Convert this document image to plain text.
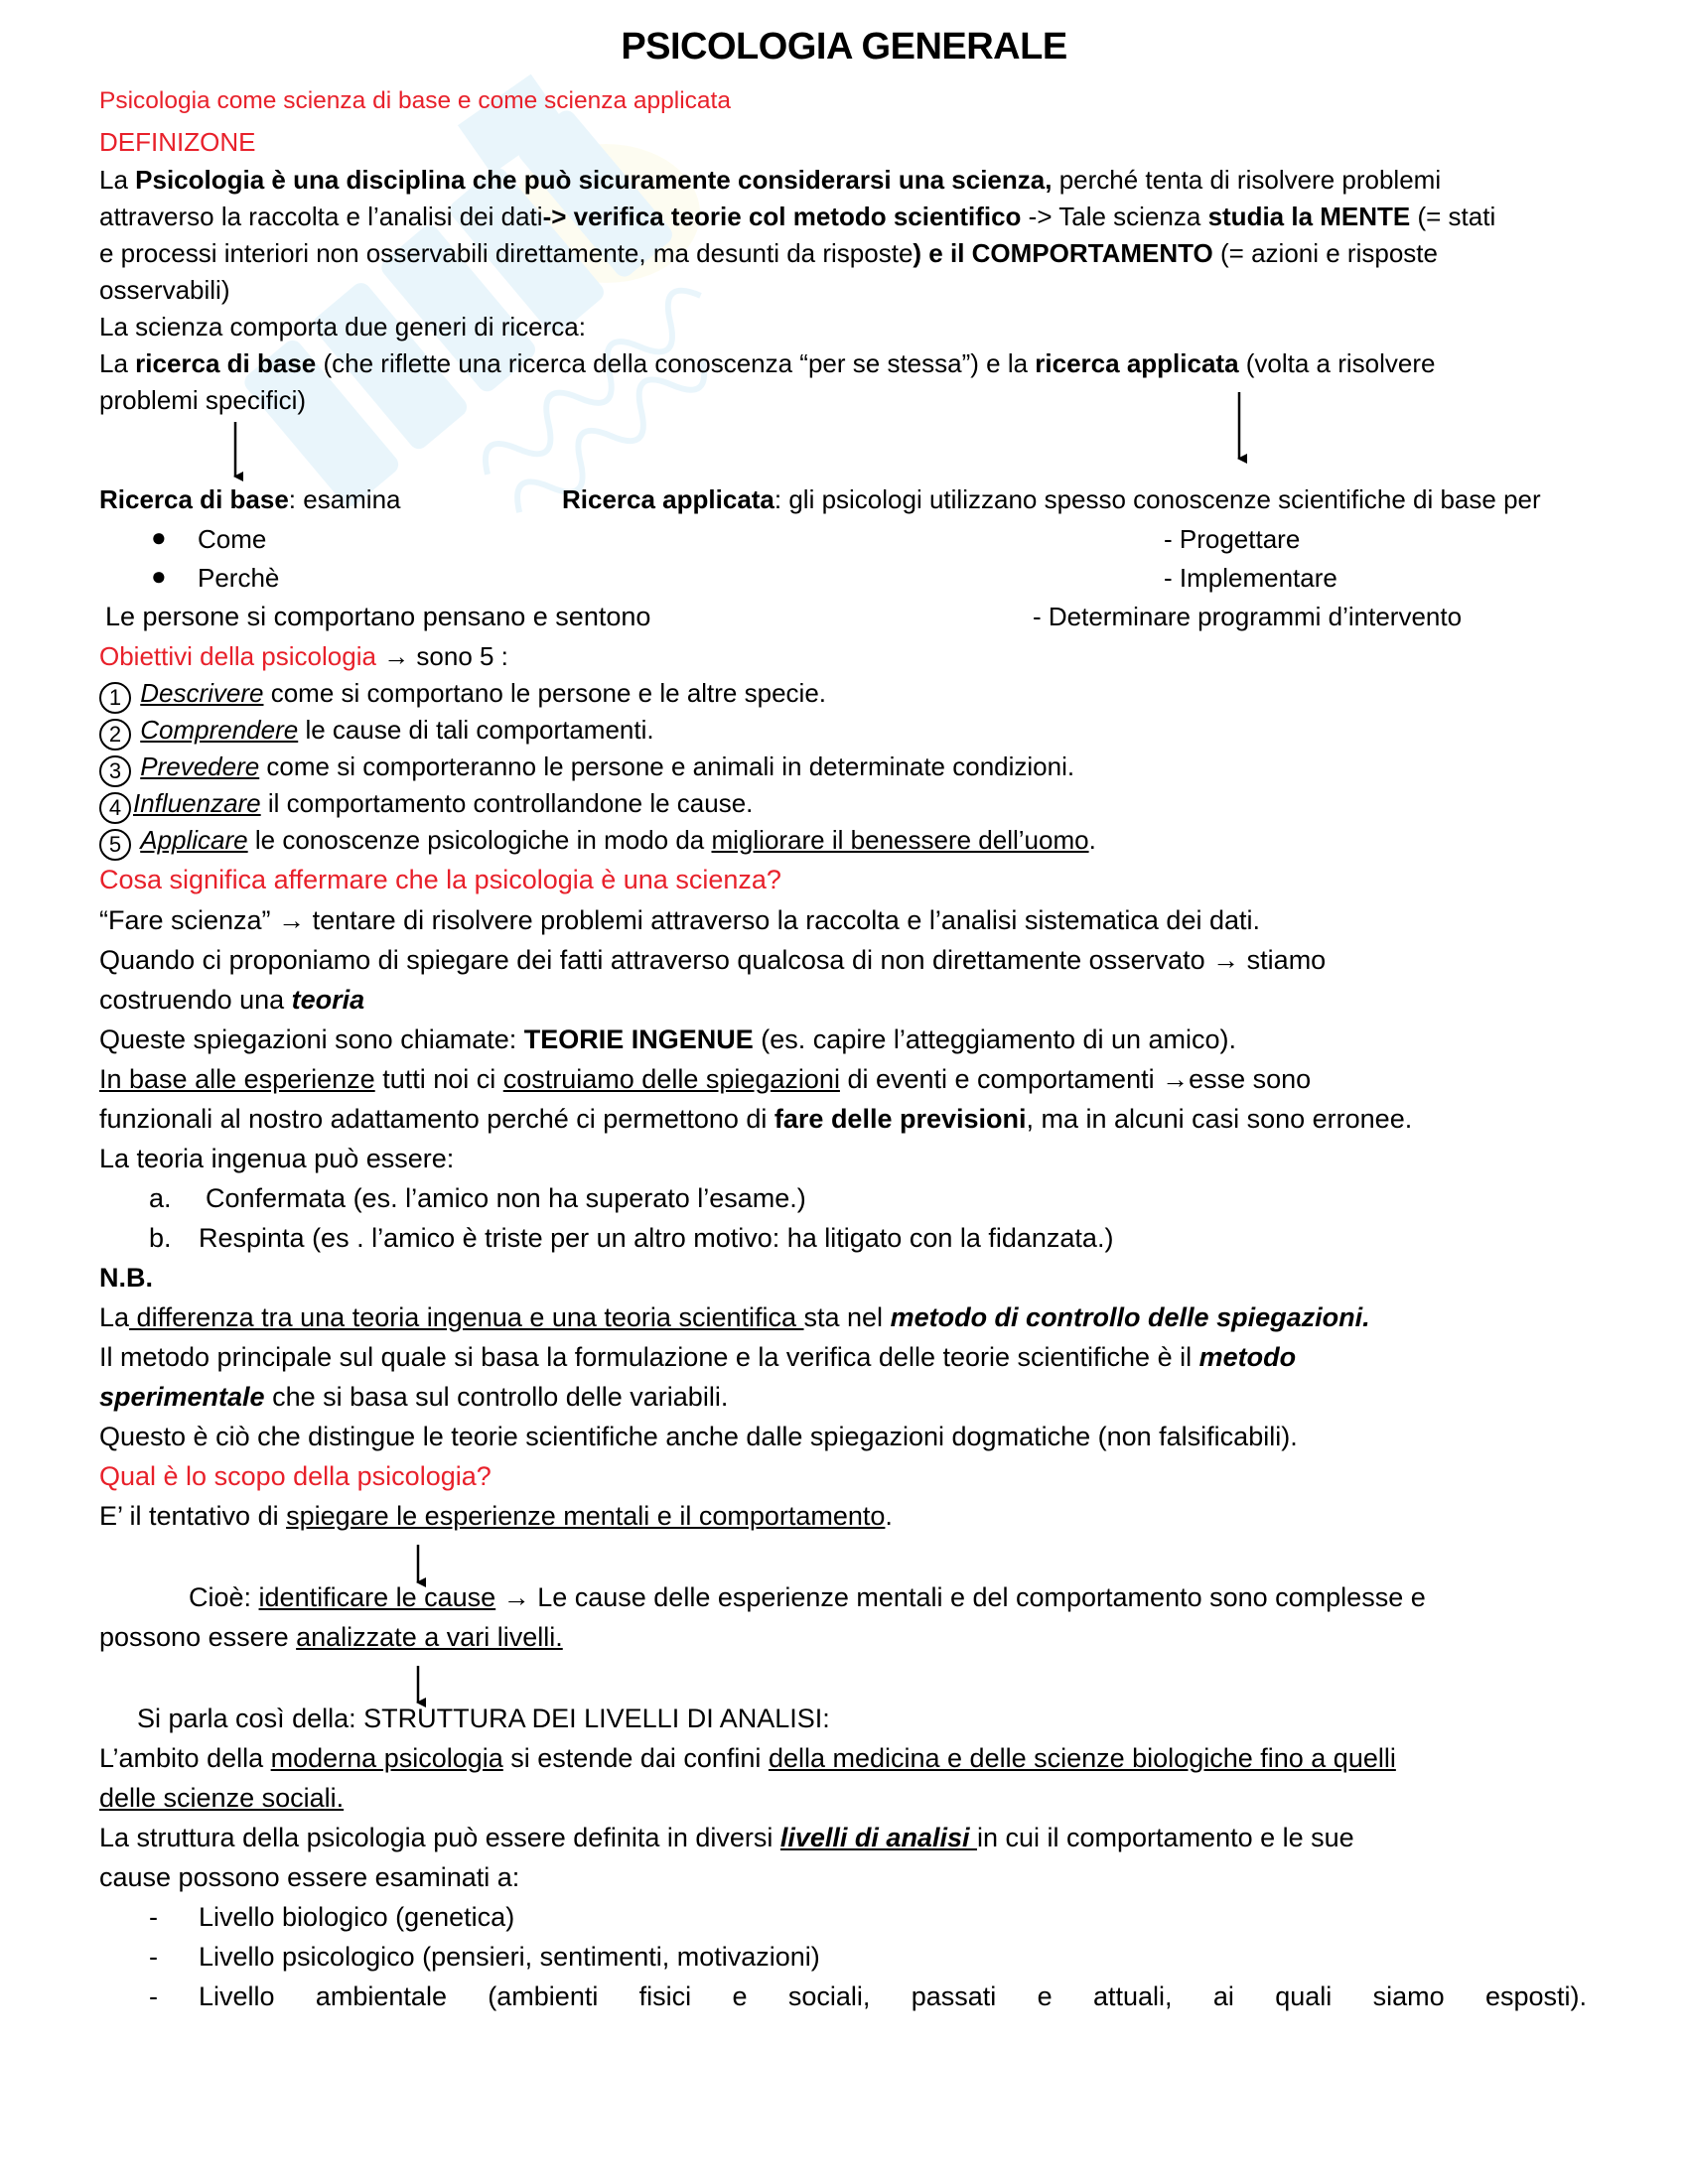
PSICOLOGIA GENERALE
Psicologia come scienza di base e come scienza applicata
DEFINIZONE
La Psicologia è una disciplina che può sicuramente considerarsi una scienza, perché tenta di risolvere problemi
attraverso la raccolta e l’analisi dei dati-> verifica teorie col metodo scientifico -> Tale scienza studia la MENTE (= stati
e processi interiori non osservabili direttamente, ma desunti da risposte) e il COMPORTAMENTO (= azioni e risposte
osservabili)
La scienza comporta due generi di ricerca:
La ricerca di base (che riflette una ricerca della conoscenza “per se stessa”) e la ricerca applicata (volta a risolvere
problemi specifici)
Ricerca di base: esamina	Ricerca applicata: gli psicologi utilizzano spesso conoscenze scientifiche di base per
● Come
● Perchè
- Progettare
- Implementare
- Determinare programmi d’intervento
Le persone si comportano pensano e sentono
Obiettivi della psicologia → sono 5 :
1 Descrivere come si comportano le persone e le altre specie.
2 Comprendere le cause di tali comportamenti.
3 Prevedere come si comporteranno le persone e animali in determinate condizioni.
4 Influenzare il comportamento controllandone le cause.
5 Applicare le conoscenze psicologiche in modo da migliorare il benessere dell’uomo.
Cosa significa affermare che la psicologia è una scienza?
“Fare scienza” → tentare di risolvere problemi attraverso la raccolta e l’analisi sistematica dei dati.
Quando ci proponiamo di spiegare dei fatti attraverso qualcosa di non direttamente osservato → stiamo
costruendo una teoria
Queste spiegazioni sono chiamate: TEORIE INGENUE (es. capire l’atteggiamento di un amico).
In base alle esperienze tutti noi ci costruiamo delle spiegazioni di eventi e comportamenti →esse sono
funzionali al nostro adattamento perché ci permettono di fare delle previsioni, ma in alcuni casi sono erronee.
La teoria ingenua può essere:
a. Confermata (es. l’amico non ha superato l’esame.)
b. Respinta (es . l’amico è triste per un altro motivo: ha litigato con la fidanzata.)
N.B.
La differenza tra una teoria ingenua e una teoria scientifica sta nel metodo di controllo delle spiegazioni.
Il metodo principale sul quale si basa la formulazione e la verifica delle teorie scientifiche è il metodo
sperimentale che si basa sul controllo delle variabili.
Questo è ciò che distingue le teorie scientifiche anche dalle spiegazioni dogmatiche (non falsificabili).
Qual è lo scopo della psicologia?
E’ il tentativo di spiegare le esperienze mentali e il comportamento.
Cioè: identificare le cause → Le cause delle esperienze mentali e del comportamento sono complesse e
possono essere analizzate a vari livelli.
Si parla così della: STRUTTURA DEI LIVELLI DI ANALISI:
L’ambito della moderna psicologia si estende dai confini della medicina e delle scienze biologiche fino a quelli
delle scienze sociali.
La struttura della psicologia può essere definita in diversi livelli di analisi in cui il comportamento e le sue
cause possono essere esaminati a:
- Livello biologico (genetica)
- Livello psicologico (pensieri, sentimenti, motivazioni)
- Livello ambientale (ambienti fisici e sociali, passati e attuali, ai quali siamo esposti).
